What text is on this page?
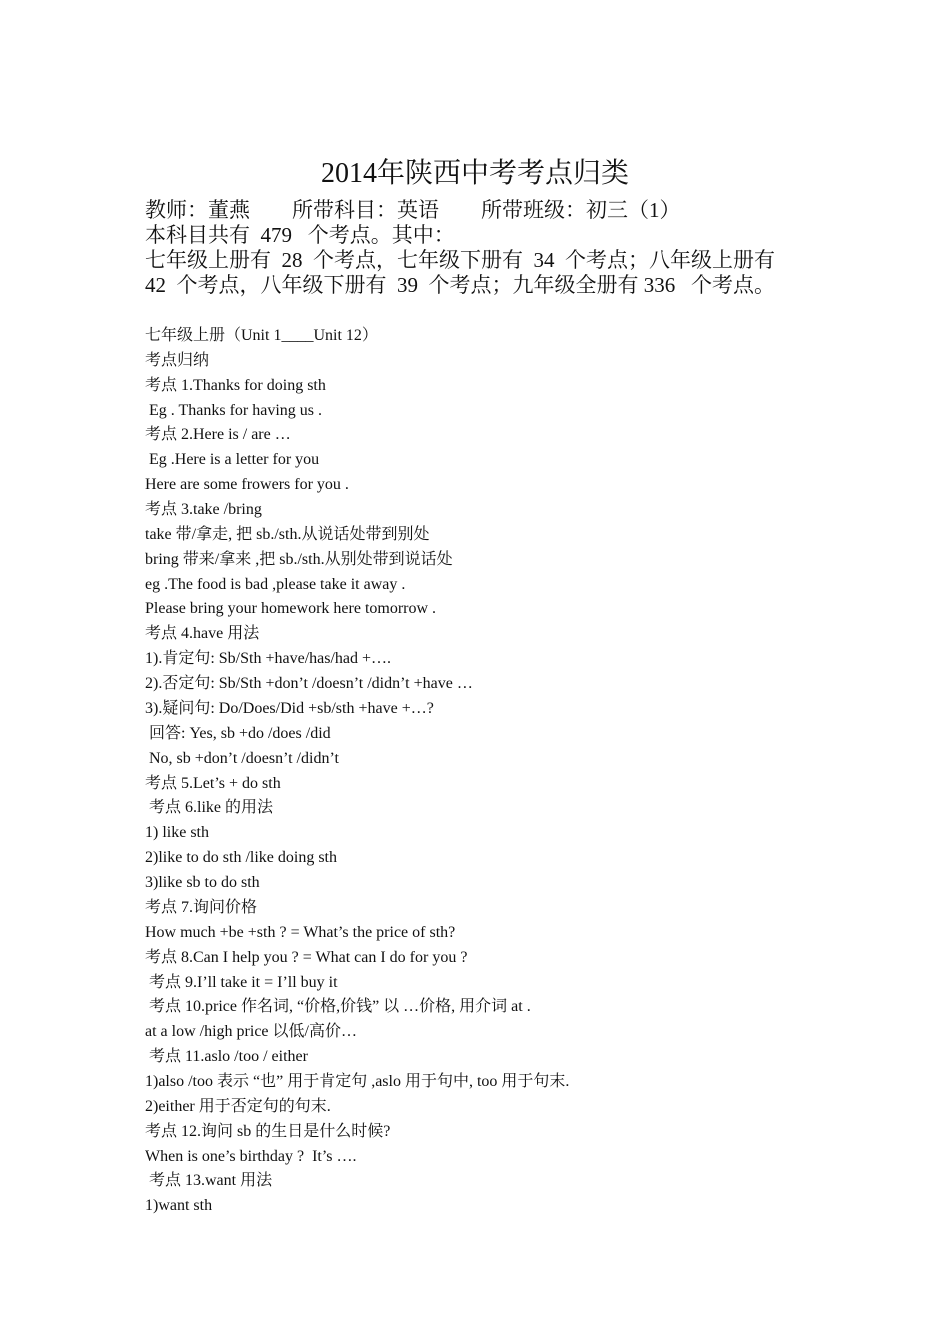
2014年陕西中考考点归类
教师：董燕        所带科目：英语        所带班级：初三（1）
本科目共有  479   个考点。其中：
七年级上册有  28  个考点，七年级下册有  34  个考点；八年级上册有
42  个考点，八年级下册有  39  个考点；九年级全册有 336   个考点。
七年级上册（Unit 1____Unit 12）
考点归纳
考点 1.Thanks for doing sth
Eg . Thanks for having us .
考点 2.Here is / are …
Eg .Here is a letter for you
Here are some frowers for you .
考点 3.take /bring
take 带/拿走, 把 sb./sth.从说话处带到别处
bring 带来/拿来 ,把 sb./sth.从别处带到说话处
eg .The food is bad ,please take it away .
Please bring your homework here tomorrow .
考点 4.have 用法
1).肯定句: Sb/Sth +have/has/had +….
2).否定句: Sb/Sth +don’t /doesn’t /didn’t +have …
3).疑问句: Do/Does/Did +sb/sth +have +…?
回答: Yes, sb +do /does /did
No, sb +don’t /doesn’t /didn’t
考点 5.Let’s + do sth
考点 6.like 的用法
1) like sth
2)like to do sth /like doing sth
3)like sb to do sth
考点 7.询问价格
How much +be +sth ? = What’s the price of sth?
考点 8.Can I help you ? = What can I do for you ?
考点 9.I’ll take it = I’ll buy it
考点 10.price 作名词, “价格,价钱” 以 …价格, 用介词 at .
at a low /high price 以低/高价…
考点 11.aslo /too / either
1)also /too 表示 “也” 用于肯定句 ,aslo 用于句中, too 用于句末.
2)either 用于否定句的句末.
考点 12.询问 sb 的生日是什么时候?
When is one’s birthday ?  It’s ….
考点 13.want 用法
1)want sth
